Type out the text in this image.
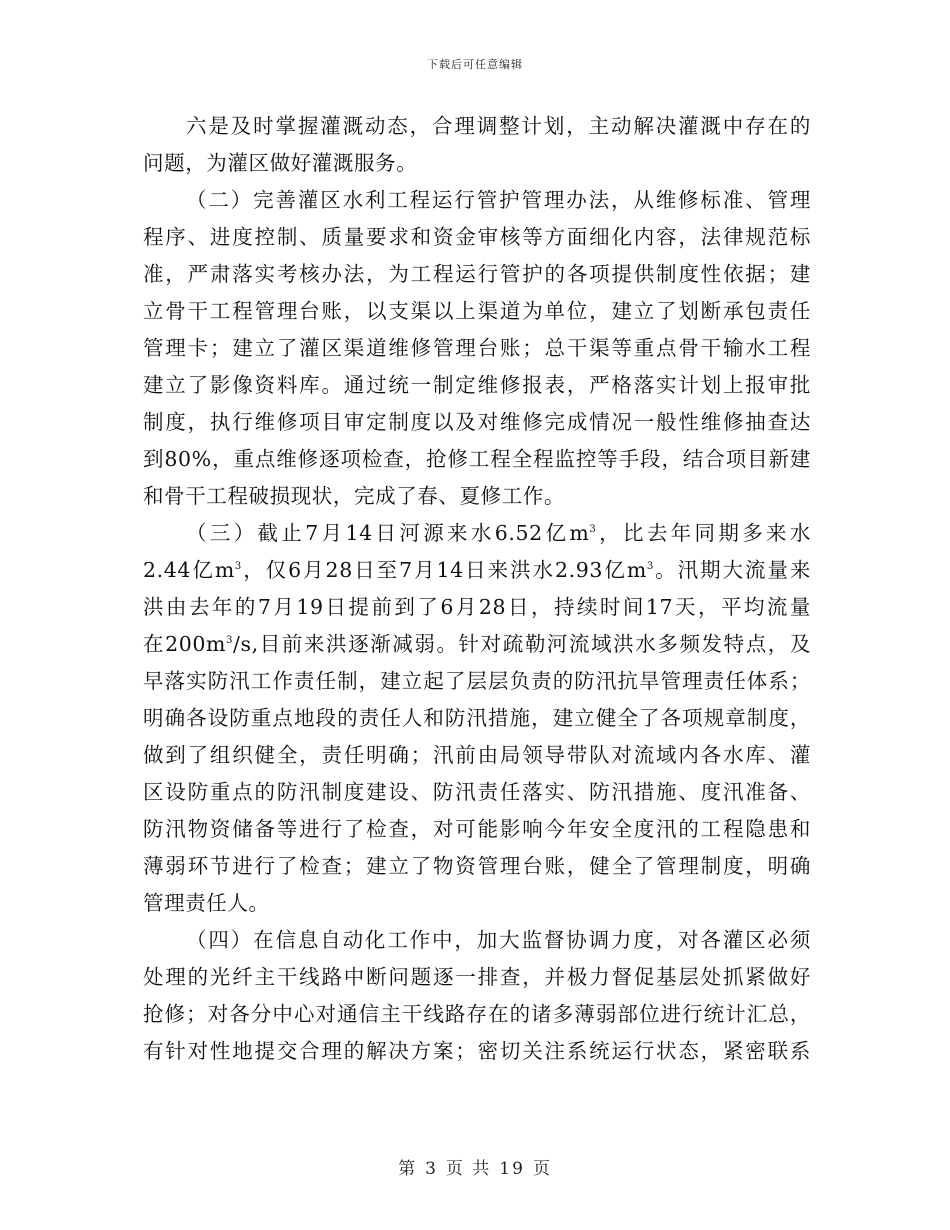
下载后可任意编辑
六是及时掌握灌溉动态，合理调整计划，主动解决灌溉中存在的
问题，为灌区做好灌溉服务。
（二）完善灌区水利工程运行管护管理办法，从维修标准、管理
程序、进度控制、质量要求和资金审核等方面细化内容，法律规范标
准，严肃落实考核办法，为工程运行管护的各项提供制度性依据；建
立骨干工程管理台账，以支渠以上渠道为单位，建立了划断承包责任
管理卡；建立了灌区渠道维修管理台账；总干渠等重点骨干输水工程
建立了影像资料库。通过统一制定维修报表，严格落实计划上报审批
制度，执行维修项目审定制度以及对维修完成情况一般性维修抽查达
到80%，重点维修逐项检查，抢修工程全程监控等手段，结合项目新建
和骨干工程破损现状，完成了春、夏修工作。
（三）截止7月14日河源来水6.52亿$m^3$，比去年同期多来水
2.44亿$m^3$，仅6月28日至7月14日来洪水2.93亿$m^3$。汛期大流量来
洪由去年的7月19日提前到了6月28日，持续时间17天，平均流量
在$200m^3/s$,目前来洪逐渐减弱。针对疏勒河流域洪水多频发特点，及
早落实防汛工作责任制，建立起了层层负责的防汛抗旱管理责任体系；
明确各设防重点地段的责任人和防汛措施，建立健全了各项规章制度，
做到了组织健全，责任明确；汛前由局领导带队对流域内各水库、灌
区设防重点的防汛制度建设、防汛责任落实、防汛措施、度汛准备、
防汛物资储备等进行了检查，对可能影响今年安全度汛的工程隐患和
薄弱环节进行了检查；建立了物资管理台账，健全了管理制度，明确
管理责任人。
（四）在信息自动化工作中，加大监督协调力度，对各灌区必须
处理的光纤主干线路中断问题逐一排查，并极力督促基层处抓紧做好
抢修；对各分中心对通信主干线路存在的诸多薄弱部位进行统计汇总，
有针对性地提交合理的解决方案；密切关注系统运行状态，紧密联系
第 3 页 共 19 页
